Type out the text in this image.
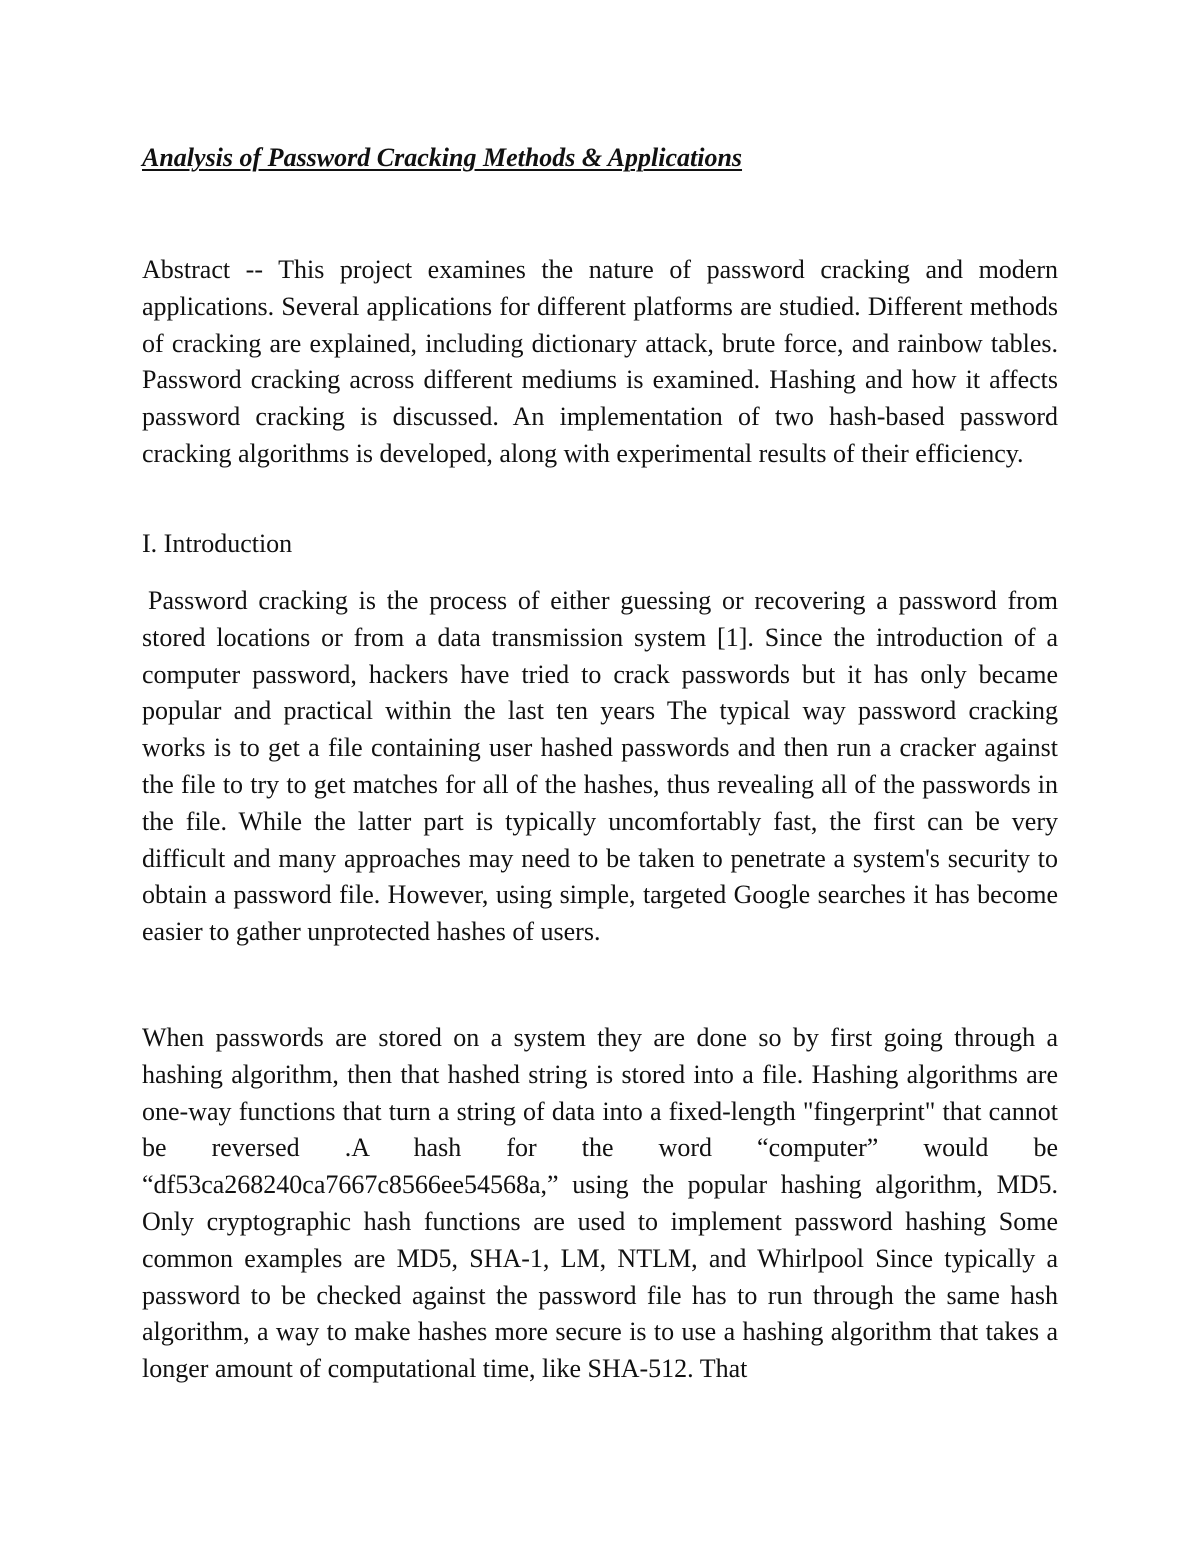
Analysis of Password Cracking Methods & Applications

Abstract -- This project examines the nature of password cracking and modern applications. Several applications for different platforms are studied. Different methods of cracking are explained, including dictionary attack, brute force, and rainbow tables. Password cracking across different mediums is examined. Hashing and how it affects password cracking is discussed. An implementation of two hash-based password cracking algorithms is developed, along with experimental results of their efficiency.

I. Introduction

Password cracking is the process of either guessing or recovering a password from stored locations or from a data transmission system [1]. Since the introduction of a computer password, hackers have tried to crack passwords but it has only became popular and practical within the last ten years The typical way password cracking works is to get a file containing user hashed passwords and then run a cracker against the file to try to get matches for all of the hashes, thus revealing all of the passwords in the file. While the latter part is typically uncomfortably fast, the first can be very difficult and many approaches may need to be taken to penetrate a system's security to obtain a password file. However, using simple, targeted Google searches it has become easier to gather unprotected hashes of users.

When passwords are stored on a system they are done so by first going through a hashing algorithm, then that hashed string is stored into a file. Hashing algorithms are one-way functions that turn a string of data into a fixed-length "fingerprint" that cannot be reversed .A hash for the word “computer” would be “df53ca268240ca7667c8566ee54568a,” using the popular hashing algorithm, MD5. Only cryptographic hash functions are used to implement password hashing Some common examples are MD5, SHA-1, LM, NTLM, and Whirlpool Since typically a password to be checked against the password file has to run through the same hash algorithm, a way to make hashes more secure is to use a hashing algorithm that takes a longer amount of computational time, like SHA-512. That
